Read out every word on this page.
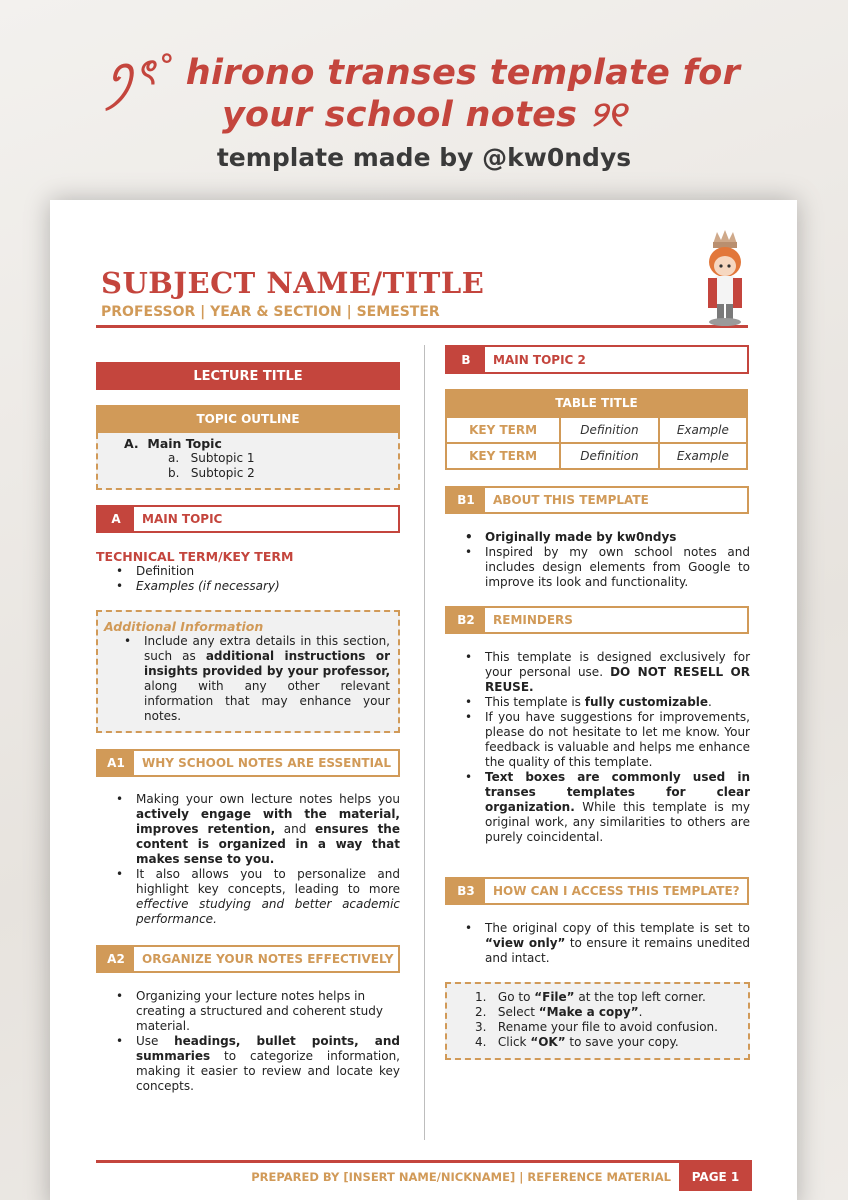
ꪆৎ˚ hirono transes template for
your school notes ୨୧
template made by @kw0ndys
SUBJECT NAME/TITLE
PROFESSOR | YEAR & SECTION | SEMESTER
LECTURE TITLE
TOPIC OUTLINE
A. Main Topic
a. Subtopic 1
b. Subtopic 2
A	MAIN TOPIC
TECHNICAL TERM/KEY TERM
• Definition
• Examples (if necessary)
Additional Information
• Include any extra details in this section, such as additional instructions or insights provided by your professor, along with any other relevant information that may enhance your notes.
A1	WHY SCHOOL NOTES ARE ESSENTIAL
• Making your own lecture notes helps you actively engage with the material, improves retention, and ensures the content is organized in a way that makes sense to you.
• It also allows you to personalize and highlight key concepts, leading to more effective studying and better academic performance.
A2	ORGANIZE YOUR NOTES EFFECTIVELY
• Organizing your lecture notes helps in creating a structured and coherent study material.
• Use headings, bullet points, and summaries to categorize information, making it easier to review and locate key concepts.
B	MAIN TOPIC 2
TABLE TITLE
KEY TERM	Definition	Example
KEY TERM	Definition	Example
B1	ABOUT THIS TEMPLATE
• Originally made by kw0ndys
• Inspired by my own school notes and includes design elements from Google to improve its look and functionality.
B2	REMINDERS
• This template is designed exclusively for your personal use. DO NOT RESELL OR REUSE.
• This template is fully customizable.
• If you have suggestions for improvements, please do not hesitate to let me know. Your feedback is valuable and helps me enhance the quality of this template.
• Text boxes are commonly used in transes templates for clear organization. While this template is my original work, any similarities to others are purely coincidental.
B3	HOW CAN I ACCESS THIS TEMPLATE?
• The original copy of this template is set to “view only” to ensure it remains unedited and intact.
1. Go to “File” at the top left corner.
2. Select “Make a copy”.
3. Rename your file to avoid confusion.
4. Click “OK” to save your copy.
PREPARED BY [INSERT NAME/NICKNAME] | REFERENCE MATERIAL	PAGE 1
